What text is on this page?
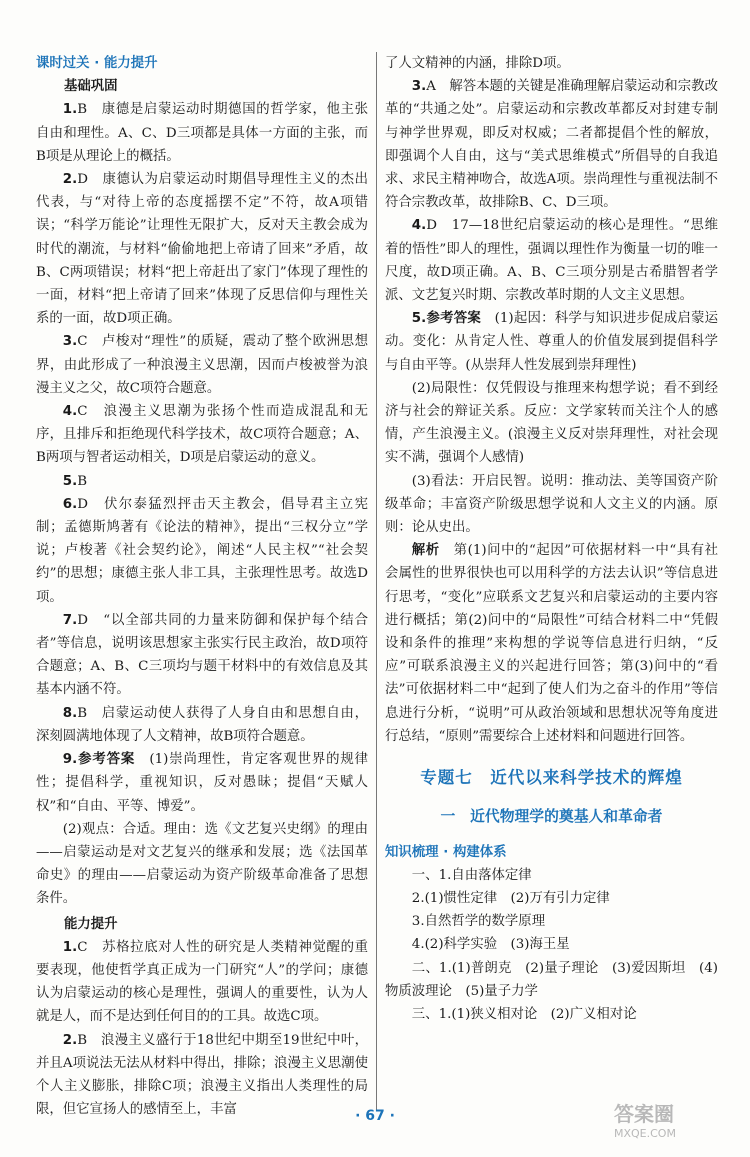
课时过关 · 能力提升
基础巩固

1.B　康德是启蒙运动时期德国的哲学家，他主张自由和理性。A、C、D三项都是具体一方面的主张，而B项是从理论上的概括。

2.D　康德认为启蒙运动时期倡导理性主义的杰出代表，与“对待上帝的态度摇摆不定”不符，故A项错误；“科学万能论”让理性无限扩大，反对天主教会成为时代的潮流，与材料“偷偷地把上帝请了回来”矛盾，故B、C两项错误；材料“把上帝赶出了家门”体现了理性的一面，材料“把上帝请了回来”体现了反思信仰与理性关系的一面，故D项正确。

3.C　卢梭对“理性”的质疑，震动了整个欧洲思想界，由此形成了一种浪漫主义思潮，因而卢梭被誉为浪漫主义之父，故C项符合题意。

4.C　浪漫主义思潮为张扬个性而造成混乱和无序，且排斥和拒绝现代科学技术，故C项符合题意；A、B两项与智者运动相关，D项是启蒙运动的意义。

5.B

6.D　伏尔泰猛烈抨击天主教会，倡导君主立宪制；孟德斯鸠著有《论法的精神》，提出“三权分立”学说；卢梭著《社会契约论》，阐述“人民主权”“社会契约”的思想；康德主张人非工具，主张理性思考。故选D项。

7.D　“以全部共同的力量来防御和保护每个结合者”等信息，说明该思想家主张实行民主政治，故D项符合题意；A、B、C三项均与题干材料中的有效信息及其基本内涵不符。

8.B　启蒙运动使人获得了人身自由和思想自由，深刻圆满地体现了人文精神，故B项符合题意。

9.参考答案　 (1)崇尚理性，肯定客观世界的规律性；提倡科学，重视知识，反对愚昧；提倡“天赋人权”和“自由、平等、博爱”。

(2)观点：合适。理由：选《文艺复兴史纲》的理由——启蒙运动是对文艺复兴的继承和发展；选《法国革命史》的理由——启蒙运动为资产阶级革命准备了思想条件。

能力提升

1.C　苏格拉底对人性的研究是人类精神觉醒的重要表现，他使哲学真正成为一门研究“人”的学问；康德认为启蒙运动的核心是理性，强调人的重要性，认为人就是人，而不是达到任何目的的工具。故选C项。

2.B　浪漫主义盛行于18世纪中期至19世纪中叶，并且A项说法无法从材料中得出，排除；浪漫主义思潮使个人主义膨胀，排除C项；浪漫主义指出人类理性的局限，但它宣扬人的感情至上，丰富

了人文精神的内涵，排除D项。

3.A　解答本题的关键是准确理解启蒙运动和宗教改革的“共通之处”。启蒙运动和宗教改革都反对封建专制与神学世界观，即反对权威；二者都提倡个性的解放，即强调个人自由，这与“美式思维模式”所倡导的自我追求、求民主精神吻合，故选A项。崇尚理性与重视法制不符合宗教改革，故排除B、C、D三项。

4.D　17—18世纪启蒙运动的核心是理性。“思维着的悟性”即人的理性，强调以理性作为衡量一切的唯一尺度，故D项正确。A、B、C三项分别是古希腊智者学派、文艺复兴时期、宗教改革时期的人文主义思想。

5.参考答案　 (1)起因：科学与知识进步促成启蒙运动。变化：从肯定人性、尊重人的价值发展到提倡科学与自由平等。(从崇拜人性发展到崇拜理性)

(2)局限性：仅凭假设与推理来构想学说；看不到经济与社会的辩证关系。反应：文学家转而关注个人的感情，产生浪漫主义。(浪漫主义反对崇拜理性，对社会现实不满，强调个人感情)

(3)看法：开启民智。说明：推动法、美等国资产阶级革命；丰富资产阶级思想学说和人文主义的内涵。原则：论从史出。

解析　 第(1)问中的“起因”可依据材料一中“具有社会属性的世界很快也可以用科学的方法去认识”等信息进行思考，“变化”应联系文艺复兴和启蒙运动的主要内容进行概括；第(2)问中的“局限性”可结合材料二中“凭假设和条件的推理”来构想的学说等信息进行归纳，“反应”可联系浪漫主义的兴起进行回答；第(3)问中的“看法”可依据材料二中“起到了使人们为之奋斗的作用”等信息进行分析，“说明”可从政治领域和思想状况等角度进行总结，“原则”需要综合上述材料和问题进行回答。

专题七　近代以来科学技术的辉煌
一　近代物理学的奠基人和革命者
知识梳理 · 构建体系

一、1.自由落体定律

2.(1)惯性定律　(2)万有引力定律

3.自然哲学的数学原理

4.(2)科学实验　(3)海王星

二、1.(1)普朗克　(2)量子理论　(3)爱因斯坦　(4)物质波理论　(5)量子力学

三、1.(1)狭义相对论　(2)广义相对论

· 67 ·	答案圈
MXQE.COM
